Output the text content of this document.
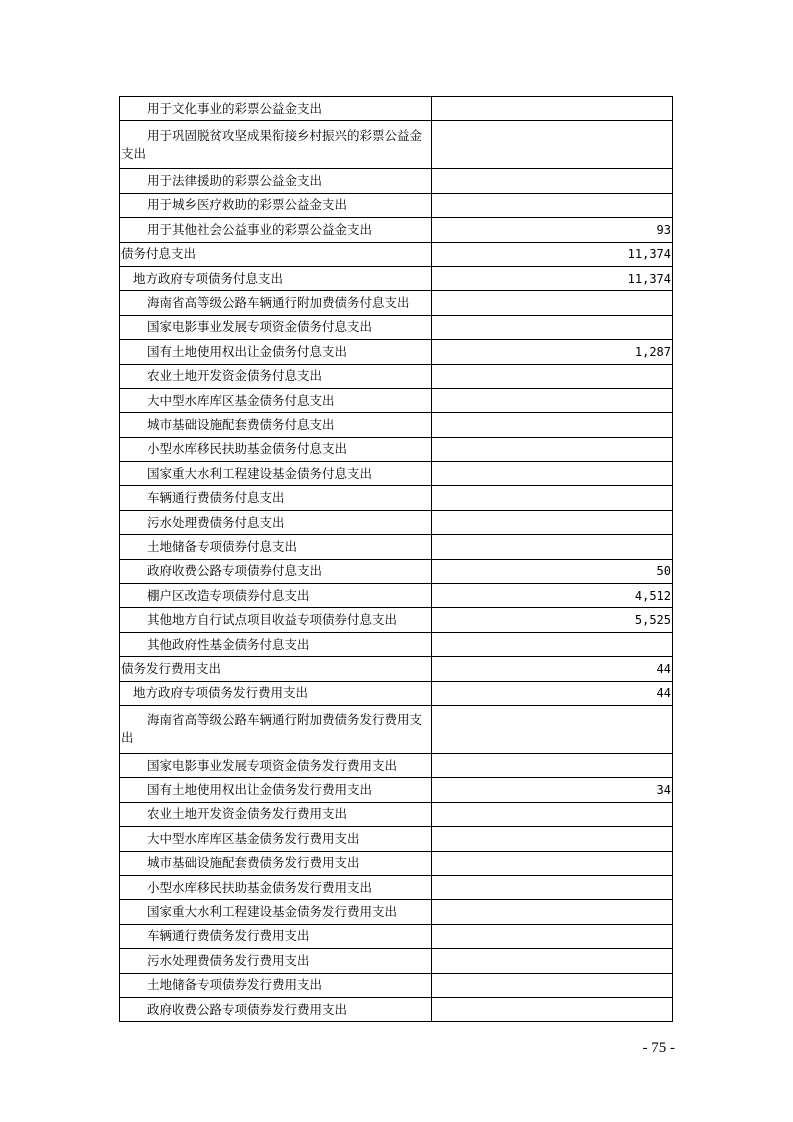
用于文化事业的彩票公益金支出	
用于巩固脱贫攻坚成果衔接乡村振兴的彩票公益金支出	
用于法律援助的彩票公益金支出	
用于城乡医疗救助的彩票公益金支出	
用于其他社会公益事业的彩票公益金支出	93
债务付息支出	11,374
地方政府专项债务付息支出	11,374
海南省高等级公路车辆通行附加费债务付息支出	
国家电影事业发展专项资金债务付息支出	
国有土地使用权出让金债务付息支出	1,287
农业土地开发资金债务付息支出	
大中型水库库区基金债务付息支出	
城市基础设施配套费债务付息支出	
小型水库移民扶助基金债务付息支出	
国家重大水利工程建设基金债务付息支出	
车辆通行费债务付息支出	
污水处理费债务付息支出	
土地储备专项债券付息支出	
政府收费公路专项债券付息支出	50
棚户区改造专项债券付息支出	4,512
其他地方自行试点项目收益专项债券付息支出	5,525
其他政府性基金债务付息支出	
债务发行费用支出	44
地方政府专项债务发行费用支出	44
海南省高等级公路车辆通行附加费债务发行费用支出	
国家电影事业发展专项资金债务发行费用支出	
国有土地使用权出让金债务发行费用支出	34
农业土地开发资金债务发行费用支出	
大中型水库库区基金债务发行费用支出	
城市基础设施配套费债务发行费用支出	
小型水库移民扶助基金债务发行费用支出	
国家重大水利工程建设基金债务发行费用支出	
车辆通行费债务发行费用支出	
污水处理费债务发行费用支出	
土地储备专项债券发行费用支出	
政府收费公路专项债券发行费用支出	
- 75 -
